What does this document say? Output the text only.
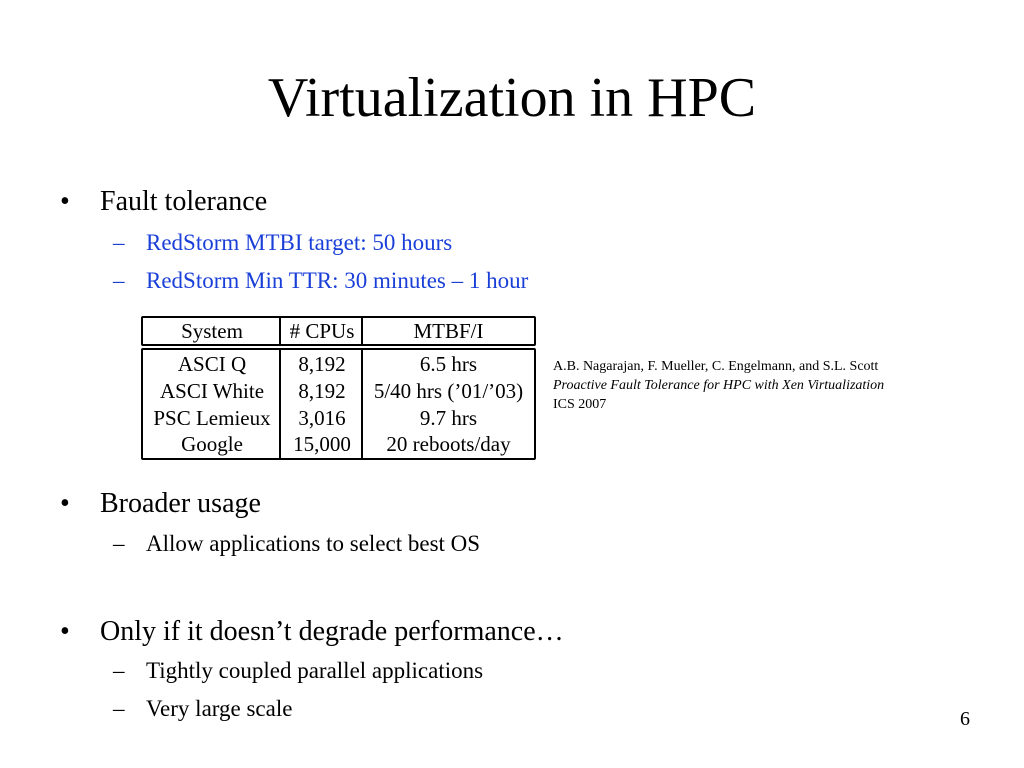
Virtualization in HPC
• Fault tolerance
– RedStorm MTBI target: 50 hours
– RedStorm Min TTR: 30 minutes – 1 hour
System	# CPUs	MTBF/I
ASCI Q	8,192	6.5 hrs
ASCI White	8,192	5/40 hrs (’01/’03)
PSC Lemieux	3,016	9.7 hrs
Google	15,000	20 reboots/day
A.B. Nagarajan, F. Mueller, C. Engelmann, and S.L. Scott
Proactive Fault Tolerance for HPC with Xen Virtualization
ICS 2007
• Broader usage
– Allow applications to select best OS
• Only if it doesn’t degrade performance…
– Tightly coupled parallel applications
– Very large scale	6
